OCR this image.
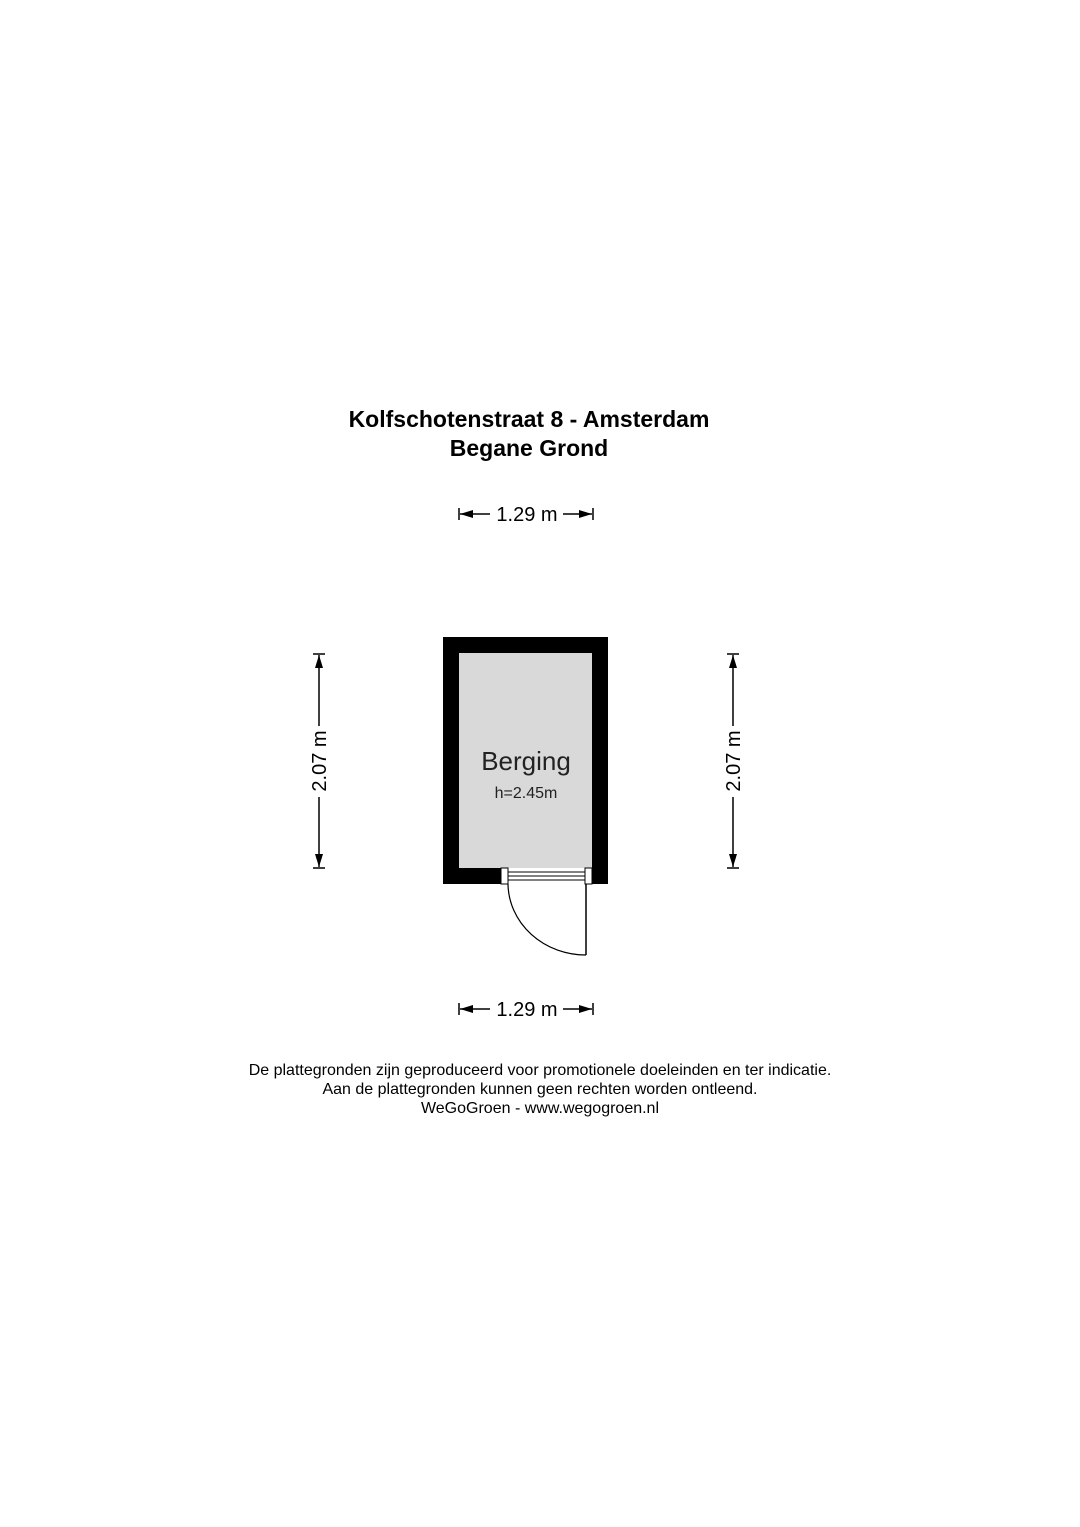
Kolfschotenstraat 8 - Amsterdam
Begane Grond
1.29 m
2.07 m	2.07 m
Berging
h=2.45m
1.29 m
De plattegronden zijn geproduceerd voor promotionele doeleinden en ter indicatie.
Aan de plattegronden kunnen geen rechten worden ontleend.
WeGoGroen - www.wegogroen.nl
